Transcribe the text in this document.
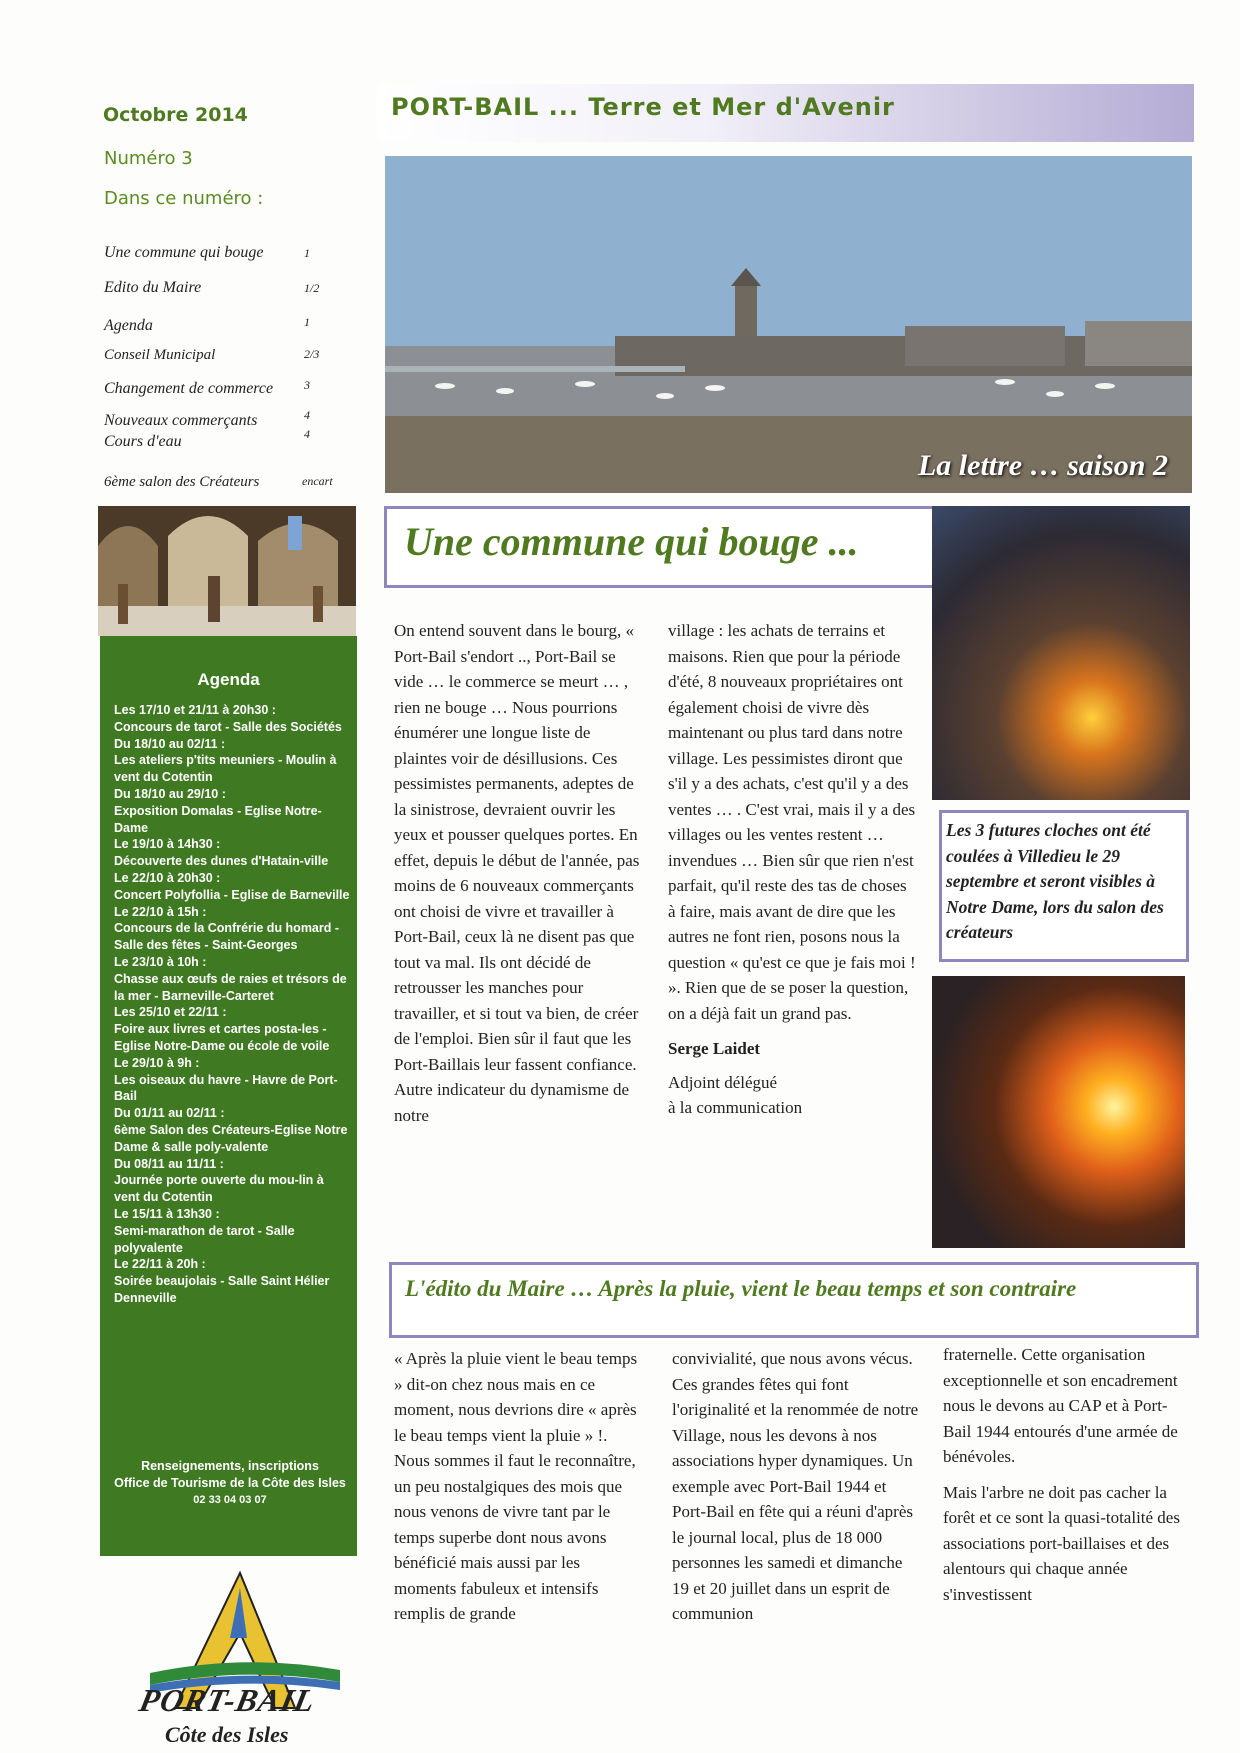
Octobre 2014
Numéro 3
Dans ce numéro :
Une commune qui bouge	1
Edito du Maire	1/2
Agenda	1
Conseil Municipal	2/3
Changement de commerce	3
Nouveaux commerçants	4
Cours d'eau	4
6ème salon des Créateurs	encart
Agenda
Les 17/10 et 21/11 à 20h30 :
Concours de tarot - Salle des Sociétés
Du 18/10 au 02/11 :
Les ateliers p'tits meuniers - Moulin à vent du Cotentin
Du 18/10 au 29/10 :
Exposition Domalas - Eglise Notre-Dame
Le 19/10 à 14h30 :
Découverte des dunes d'Hatain-ville
Le 22/10 à 20h30 :
Concert Polyfollia - Eglise de Barneville
Le 22/10 à 15h :
Concours de la Confrérie du homard - Salle des fêtes - Saint-Georges
Le 23/10 à 10h :
Chasse aux œufs de raies et trésors de la mer - Barneville-Carteret
Les 25/10 et 22/11 :
Foire aux livres et cartes posta-les - Eglise Notre-Dame ou école de voile
Le 29/10 à 9h :
Les oiseaux du havre - Havre de Port-Bail
Du 01/11 au 02/11 :
6ème Salon des Créateurs-Eglise Notre Dame & salle poly-valente
Du 08/11 au 11/11 :
Journée porte ouverte du mou-lin à vent du Cotentin
Le 15/11 à 13h30 :
Semi-marathon de tarot - Salle polyvalente
Le 22/11 à 20h :
Soirée beaujolais - Salle Saint Hélier Denneville
Renseignements, inscriptions
Office de Tourisme de la Côte des Isles
02 33 04 03 07
PORT-BAIL
Côte des Isles
PORT-BAIL ... Terre et Mer d'Avenir
La lettre … saison 2
Une commune qui bouge ...
On entend souvent dans le bourg, « Port-Bail s'endort .., Port-Bail se vide … le commerce se meurt … , rien ne bouge … Nous pourrions énumérer une longue liste de plaintes voir de désillusions. Ces pessimistes permanents, adeptes de la sinistrose, devraient ouvrir les yeux et pousser quelques portes. En effet, depuis le début de l'année, pas moins de 6 nouveaux commerçants ont choisi de vivre et travailler à Port-Bail, ceux là ne disent pas que tout va mal. Ils ont décidé de retrousser les manches pour travailler, et si tout va bien, de créer de l'emploi. Bien sûr il faut que les Port-Baillais leur fassent confiance. Autre indicateur du dynamisme de notre
village : les achats de terrains et maisons. Rien que pour la période d'été, 8 nouveaux propriétaires ont également choisi de vivre dès maintenant ou plus tard dans notre village. Les pessimistes diront que s'il y a des achats, c'est qu'il y a des ventes … . C'est vrai, mais il y a des villages ou les ventes restent … invendues … Bien sûr que rien n'est parfait, qu'il reste des tas de choses à faire, mais avant de dire que les autres ne font rien, posons nous la question « qu'est ce que je fais moi ! ». Rien que de se poser la question, on a déjà fait un grand pas.
Serge Laidet
Adjoint délégué
à la communication
Les 3 futures cloches ont été coulées à Villedieu le 29 septembre et seront visibles à Notre Dame, lors du salon des créateurs
L'édito du Maire … Après la pluie, vient le beau temps et son contraire
« Après la pluie vient le beau temps » dit-on chez nous mais en ce moment, nous devrions dire « après le beau temps vient la pluie » !. Nous sommes il faut le reconnaître, un peu nostalgiques des mois que nous venons de vivre tant par le temps superbe dont nous avons bénéficié mais aussi par les moments fabuleux et intensifs remplis de grande
convivialité, que nous avons vécus. Ces grandes fêtes qui font l'originalité et la renommée de notre Village, nous les devons à nos associations hyper dynamiques. Un exemple avec Port-Bail 1944 et Port-Bail en fête qui a réuni d'après le journal local, plus de 18 000 personnes les samedi et dimanche 19 et 20 juillet dans un esprit de communion
fraternelle. Cette organisation exceptionnelle et son encadrement nous le devons au CAP et à Port-Bail 1944 entourés d'une armée de bénévoles.
Mais l'arbre ne doit pas cacher la forêt et ce sont la quasi-totalité des associations port-baillaises et des alentours qui chaque année s'investissent
